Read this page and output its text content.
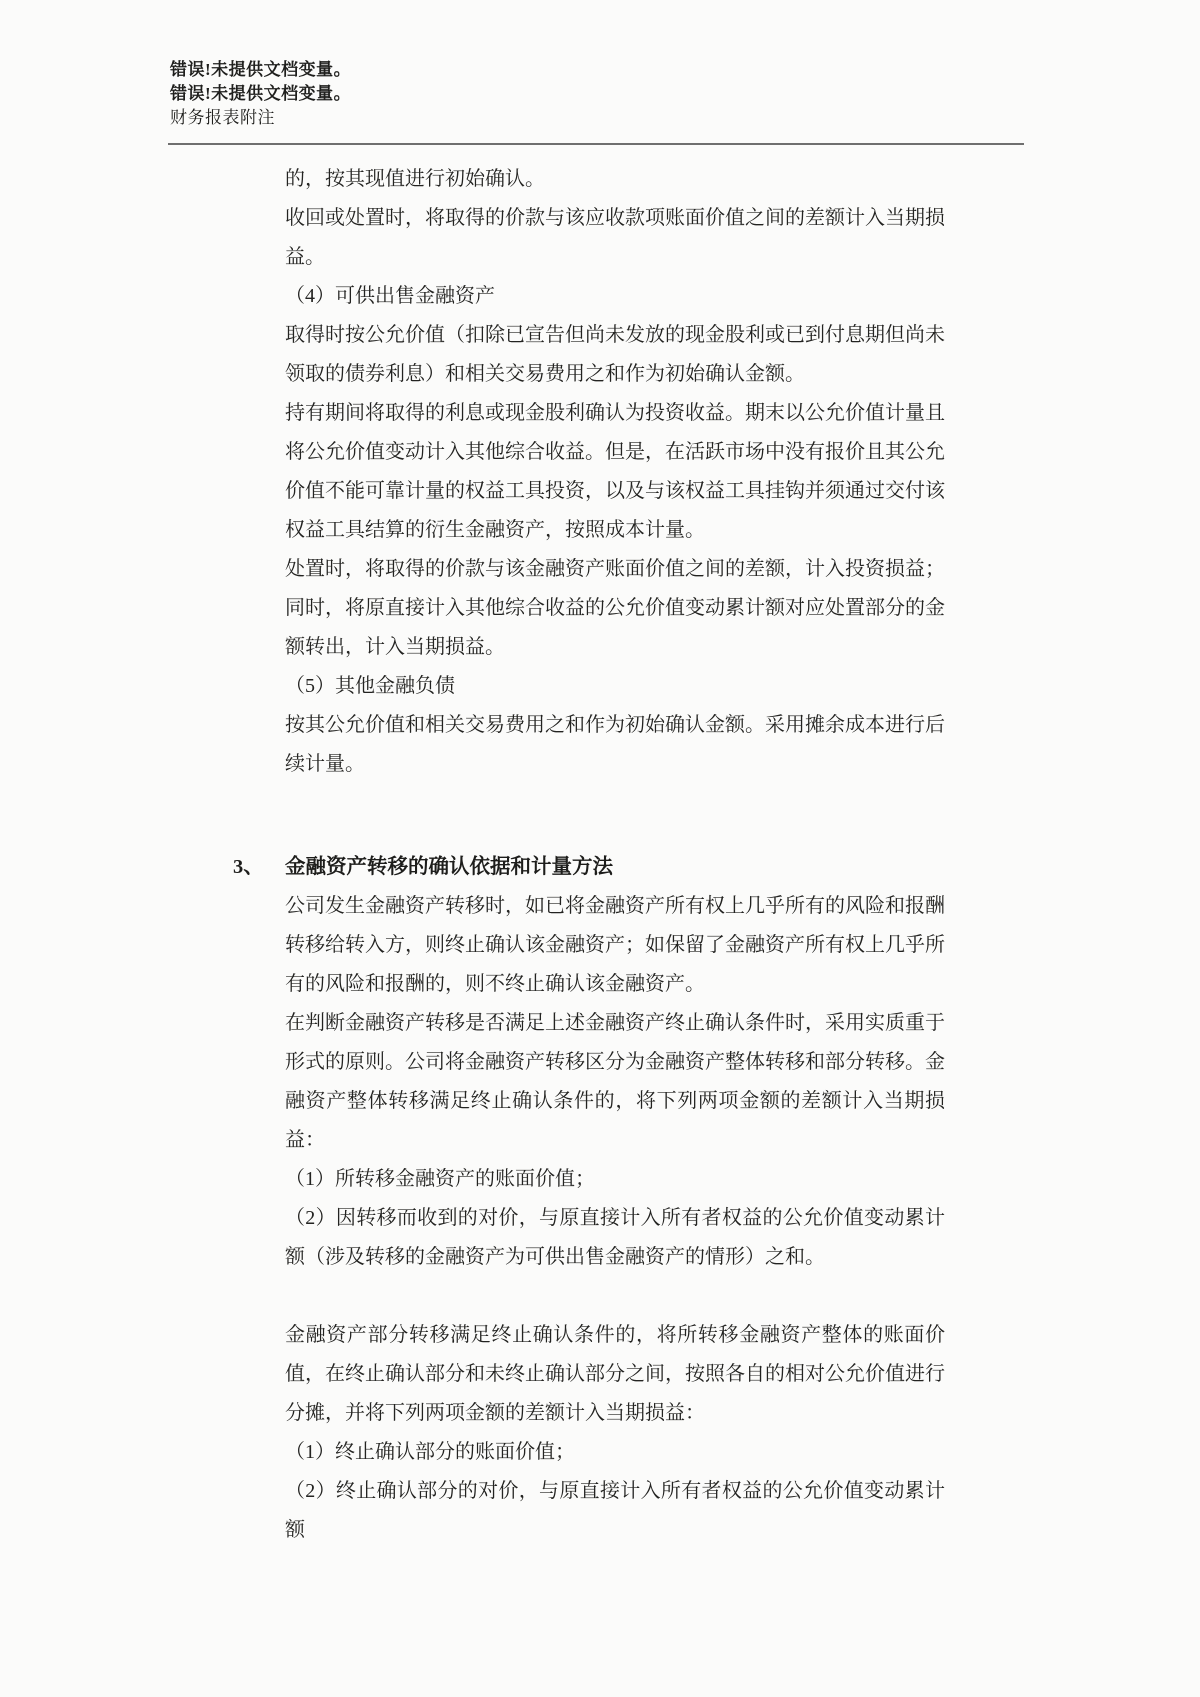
错误!未提供文档变量。
错误!未提供文档变量。
财务报表附注

的，按其现值进行初始确认。

收回或处置时，将取得的价款与该应收款项账面价值之间的差额计入当期损益。

（4）可供出售金融资产

取得时按公允价值（扣除已宣告但尚未发放的现金股利或已到付息期但尚未领取的债券利息）和相关交易费用之和作为初始确认金额。

持有期间将取得的利息或现金股利确认为投资收益。期末以公允价值计量且将公允价值变动计入其他综合收益。但是，在活跃市场中没有报价且其公允价值不能可靠计量的权益工具投资，以及与该权益工具挂钩并须通过交付该权益工具结算的衍生金融资产，按照成本计量。

处置时，将取得的价款与该金融资产账面价值之间的差额，计入投资损益；同时，将原直接计入其他综合收益的公允价值变动累计额对应处置部分的金额转出，计入当期损益。

（5）其他金融负债

按其公允价值和相关交易费用之和作为初始确认金额。采用摊余成本进行后续计量。

3、 金融资产转移的确认依据和计量方法

公司发生金融资产转移时，如已将金融资产所有权上几乎所有的风险和报酬转移给转入方，则终止确认该金融资产；如保留了金融资产所有权上几乎所有的风险和报酬的，则不终止确认该金融资产。

在判断金融资产转移是否满足上述金融资产终止确认条件时，采用实质重于形式的原则。公司将金融资产转移区分为金融资产整体转移和部分转移。金融资产整体转移满足终止确认条件的，将下列两项金额的差额计入当期损益：

（1）所转移金融资产的账面价值；

（2）因转移而收到的对价，与原直接计入所有者权益的公允价值变动累计额（涉及转移的金融资产为可供出售金融资产的情形）之和。

金融资产部分转移满足终止确认条件的，将所转移金融资产整体的账面价值，在终止确认部分和未终止确认部分之间，按照各自的相对公允价值进行分摊，并将下列两项金额的差额计入当期损益：

（1）终止确认部分的账面价值；

（2）终止确认部分的对价，与原直接计入所有者权益的公允价值变动累计额
